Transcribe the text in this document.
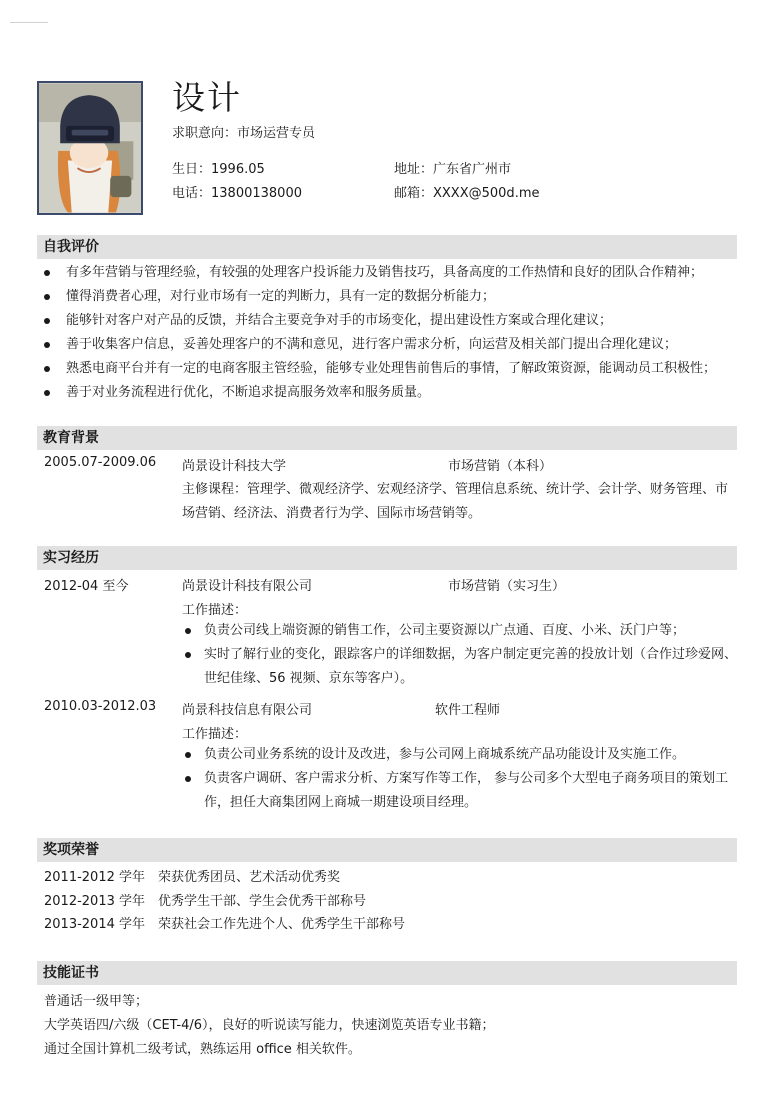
设计
求职意向：市场运营专员
生日：1996.05	地址：广东省广州市
电话：13800138000	邮箱：XXXX@500d.me
自我评价
有多年营销与管理经验，有较强的处理客户投诉能力及销售技巧，具备高度的工作热情和良好的团队合作精神；
懂得消费者心理，对行业市场有一定的判断力，具有一定的数据分析能力；
能够针对客户对产品的反馈，并结合主要竞争对手的市场变化，提出建设性方案或合理化建议；
善于收集客户信息，妥善处理客户的不满和意见，进行客户需求分析，向运营及相关部门提出合理化建议；
熟悉电商平台并有一定的电商客服主管经验，能够专业处理售前售后的事情，了解政策资源，能调动员工积极性；
善于对业务流程进行优化，不断追求提高服务效率和服务质量。
教育背景
2005.07-2009.06 尚景设计科技大学	市场营销（本科）
主修课程：管理学、微观经济学、宏观经济学、管理信息系统、统计学、会计学、财务管理、市场营销、经济法、消费者行为学、国际市场营销等。
实习经历
2012-04 至今	尚景设计科技有限公司	市场营销（实习生）
工作描述：
负责公司线上端资源的销售工作，公司主要资源以广点通、百度、小米、沃门户等；
实时了解行业的变化，跟踪客户的详细数据，为客户制定更完善的投放计划（合作过珍爱网、世纪佳缘、56 视频、京东等客户）。
2010.03-2012.03 尚景科技信息有限公司	软件工程师
工作描述：
负责公司业务系统的设计及改进，参与公司网上商城系统产品功能设计及实施工作。
负责客户调研、客户需求分析、方案写作等工作， 参与公司多个大型电子商务项目的策划工作，担任大商集团网上商城一期建设项目经理。
奖项荣誉
2011-2012 学年 荣获优秀团员、艺术活动优秀奖
2012-2013 学年 优秀学生干部、学生会优秀干部称号
2013-2014 学年 荣获社会工作先进个人、优秀学生干部称号
技能证书
普通话一级甲等；
大学英语四/六级（CET-4/6），良好的听说读写能力，快速浏览英语专业书籍；
通过全国计算机二级考试，熟练运用 office 相关软件。
